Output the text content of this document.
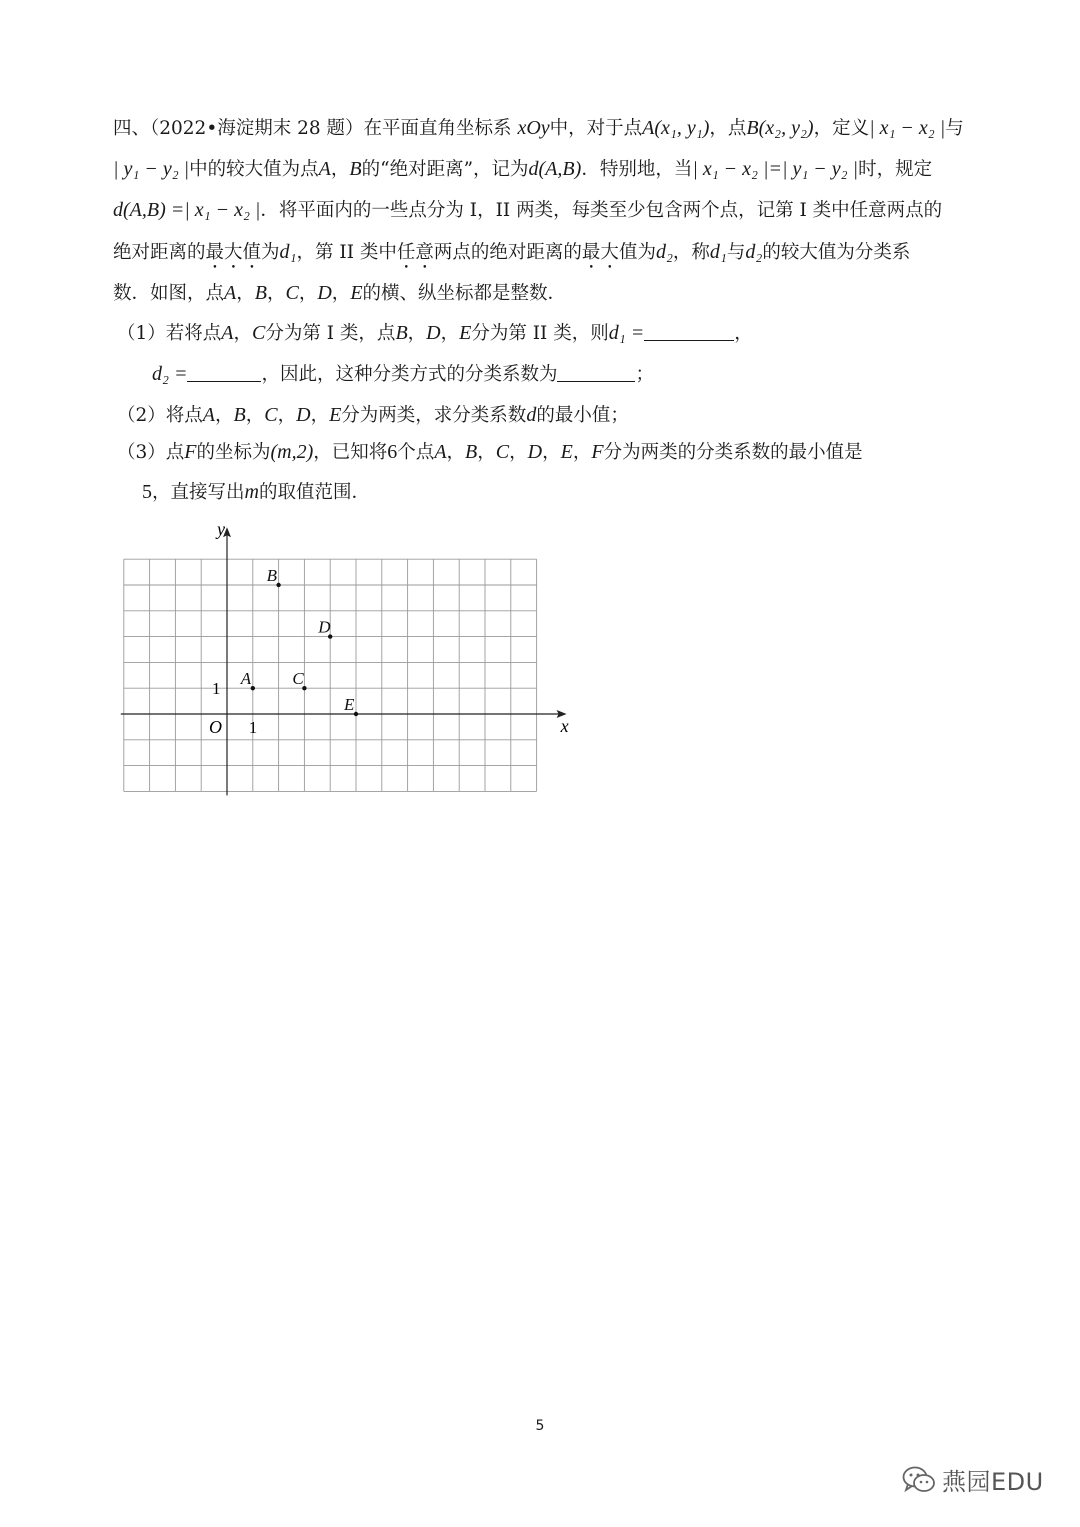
四、（2022•海淀期末 28 题）在平面直角坐标系 xOy中，对于点A(x₁, y₁)，点B(x₂, y₂)，定义| x₁ − x₂ |与
| y₁ − y₂ |中的较大值为点A，B的“绝对距离”，记为d(A,B)．特别地，当| x₁ − x₂ |=| y₁ − y₂ |时，规定
d(A,B) =| x₁ − x₂ |．将平面内的一些点分为 I，II 两类，每类至少包含两个点，记第 I 类中任意两点的
绝对距离的最大值为d₁，第 II 类中任意两点的绝对距离的最大值为d₂，称d₁与d₂的较大值为分类系
数．如图，点A，B，C，D，E的横、纵坐标都是整数．
（1）若将点A，C分为第 I 类，点B，D，E分为第 II 类，则d₁ =	，
d₂ =	，因此，这种分类方式的分类系数为	；
（2）将点A，B，C，D，E分为两类，求分类系数d的最小值；
（3）点F的坐标为(m,2)，已知将6个点A，B，C，D，E，F分为两类的分类系数的最小值是
5，直接写出m的取值范围．
x
y
O 1
1
A
B
C
D
E
5
燕园EDU
